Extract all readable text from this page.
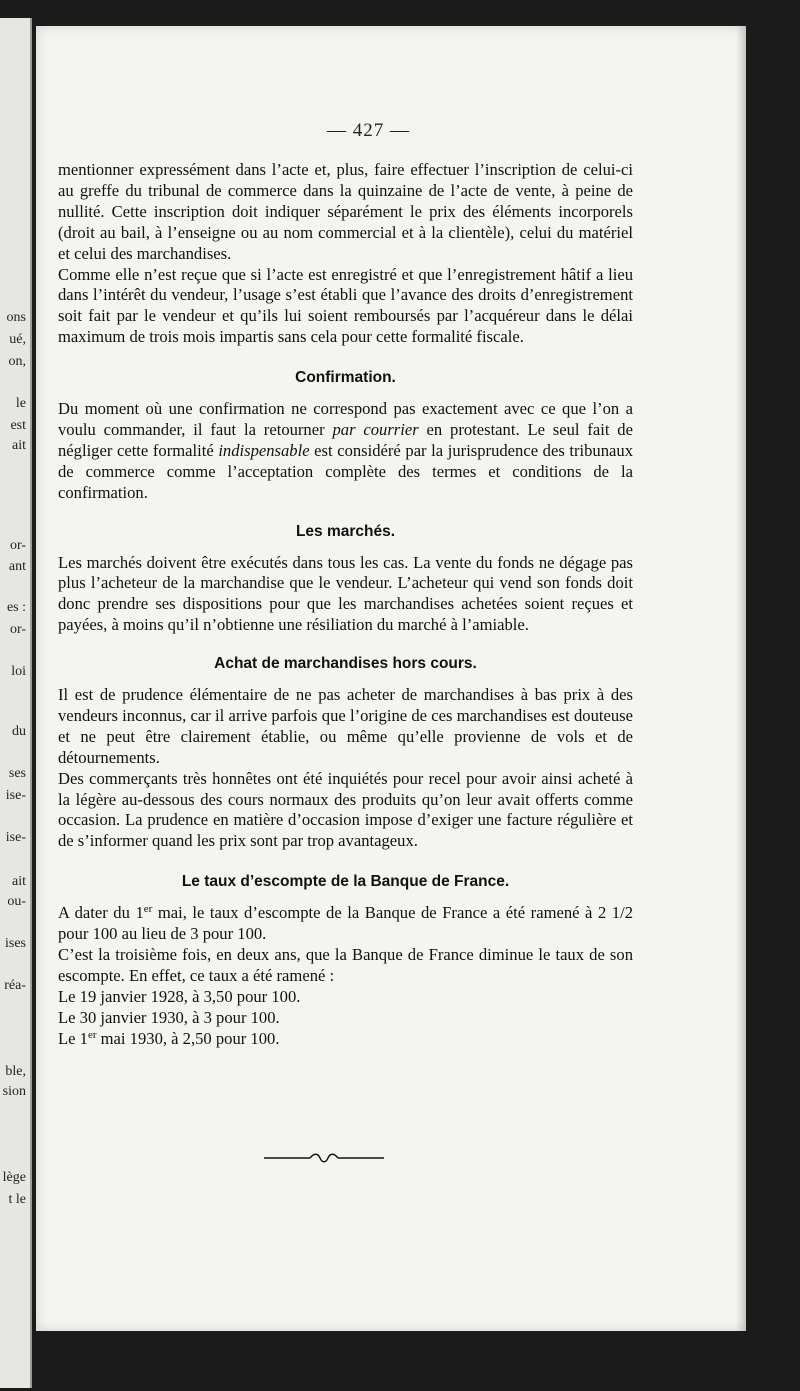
ons
ué,
on,
le
est
ait
or-
ant
es :
or-
loi
du
ses
ise-
ise-
ait
ou-
ises
réa-
ble,
sion
lège
t le
— 427 —

mentionner expressément dans l’acte et, plus, faire effectuer l’inscription de celui-ci au greffe du tribunal de commerce dans la quinzaine de l’acte de vente, à peine de nullité. Cette inscription doit indiquer séparément le prix des éléments incorporels (droit au bail, à l’enseigne ou au nom commercial et à la clientèle), celui du matériel et celui des marchandises.

Comme elle n’est reçue que si l’acte est enregistré et que l’enregistrement hâtif a lieu dans l’intérêt du vendeur, l’usage s’est établi que l’avance des droits d’enregistrement soit fait par le vendeur et qu’ils lui soient remboursés par l’acquéreur dans le délai maximum de trois mois impartis sans cela pour cette formalité fiscale.

Confirmation.

Du moment où une confirmation ne correspond pas exactement avec ce que l’on a voulu commander, il faut la retourner par courrier en protestant. Le seul fait de négliger cette formalité indispensable est considéré par la jurisprudence des tribunaux de commerce comme l’acceptation complète des termes et conditions de la confirmation.

Les marchés.

Les marchés doivent être exécutés dans tous les cas. La vente du fonds ne dégage pas plus l’acheteur de la marchandise que le vendeur. L’acheteur qui vend son fonds doit donc prendre ses dispositions pour que les marchandises achetées soient reçues et payées, à moins qu’il n’obtienne une résiliation du marché à l’amiable.

Achat de marchandises hors cours.

Il est de prudence élémentaire de ne pas acheter de marchandises à bas prix à des vendeurs inconnus, car il arrive parfois que l’origine de ces marchandises est douteuse et ne peut être clairement établie, ou même qu’elle provienne de vols et de détournements.

Des commerçants très honnêtes ont été inquiétés pour recel pour avoir ainsi acheté à la légère au-dessous des cours normaux des produits qu’on leur avait offerts comme occasion. La prudence en matière d’occasion impose d’exiger une facture régulière et de s’informer quand les prix sont par trop avantageux.

Le taux d’escompte de la Banque de France.

A dater du 1er mai, le taux d’escompte de la Banque de France a été ramené à 2 1/2 pour 100 au lieu de 3 pour 100.

C’est la troisième fois, en deux ans, que la Banque de France diminue le taux de son escompte. En effet, ce taux a été ramené :

Le 19 janvier 1928, à 3,50 pour 100.

Le 30 janvier 1930, à 3 pour 100.

Le 1er mai 1930, à 2,50 pour 100.
